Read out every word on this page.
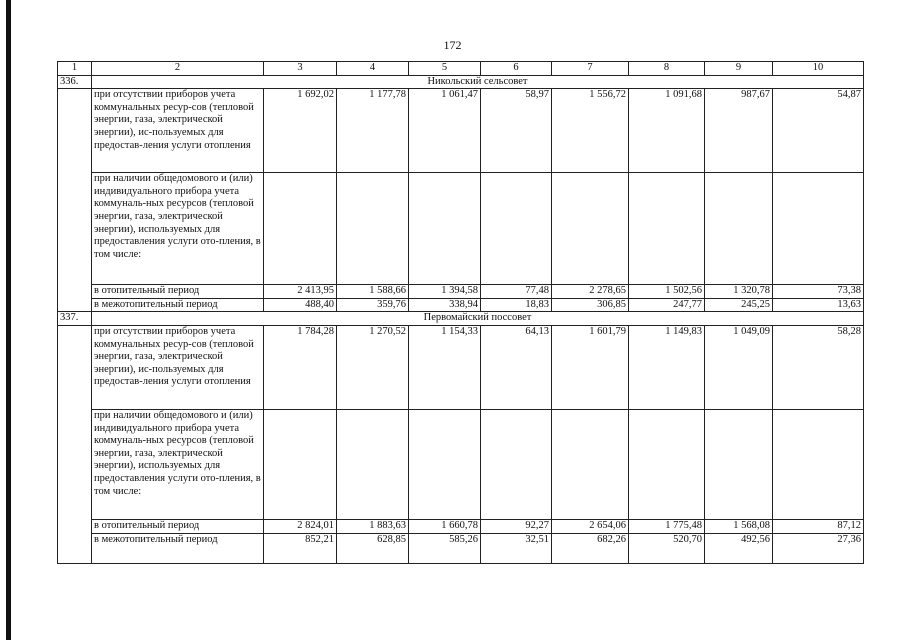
172
1	2	3	4	5	6	7	8	9	10
336.	Никольский сельсовет								
	при отсутствии приборов учета коммунальных ресур-сов (тепловой энергии, газа, электрической энергии), ис-пользуемых для предостав-ления услуги отопления	1 692,02	1 177,78	1 061,47	58,97	1 556,72	1 091,68	987,67	54,87
	при наличии общедомового и (или) индивидуального прибора учета коммуналь-ных ресурсов (тепловой энергии, газа, электрической энергии), используемых для предоставления услуги ото-пления, в том числе:								
	в отопительный период	2 413,95	1 588,66	1 394,58	77,48	2 278,65	1 502,56	1 320,78	73,38
	в межотопительный период	488,40	359,76	338,94	18,83	306,85	247,77	245,25	13,63
337.	Первомайский поссовет								
	при отсутствии приборов учета коммунальных ресур-сов (тепловой энергии, газа, электрической энергии), ис-пользуемых для предостав-ления услуги отопления	1 784,28	1 270,52	1 154,33	64,13	1 601,79	1 149,83	1 049,09	58,28
	при наличии общедомового и (или) индивидуального прибора учета коммуналь-ных ресурсов (тепловой энергии, газа, электрической энергии), используемых для предоставления услуги ото-пления, в том числе:								
	в отопительный период	2 824,01	1 883,63	1 660,78	92,27	2 654,06	1 775,48	1 568,08	87,12
	в межотопительный период	852,21	628,85	585,26	32,51	682,26	520,70	492,56	27,36
